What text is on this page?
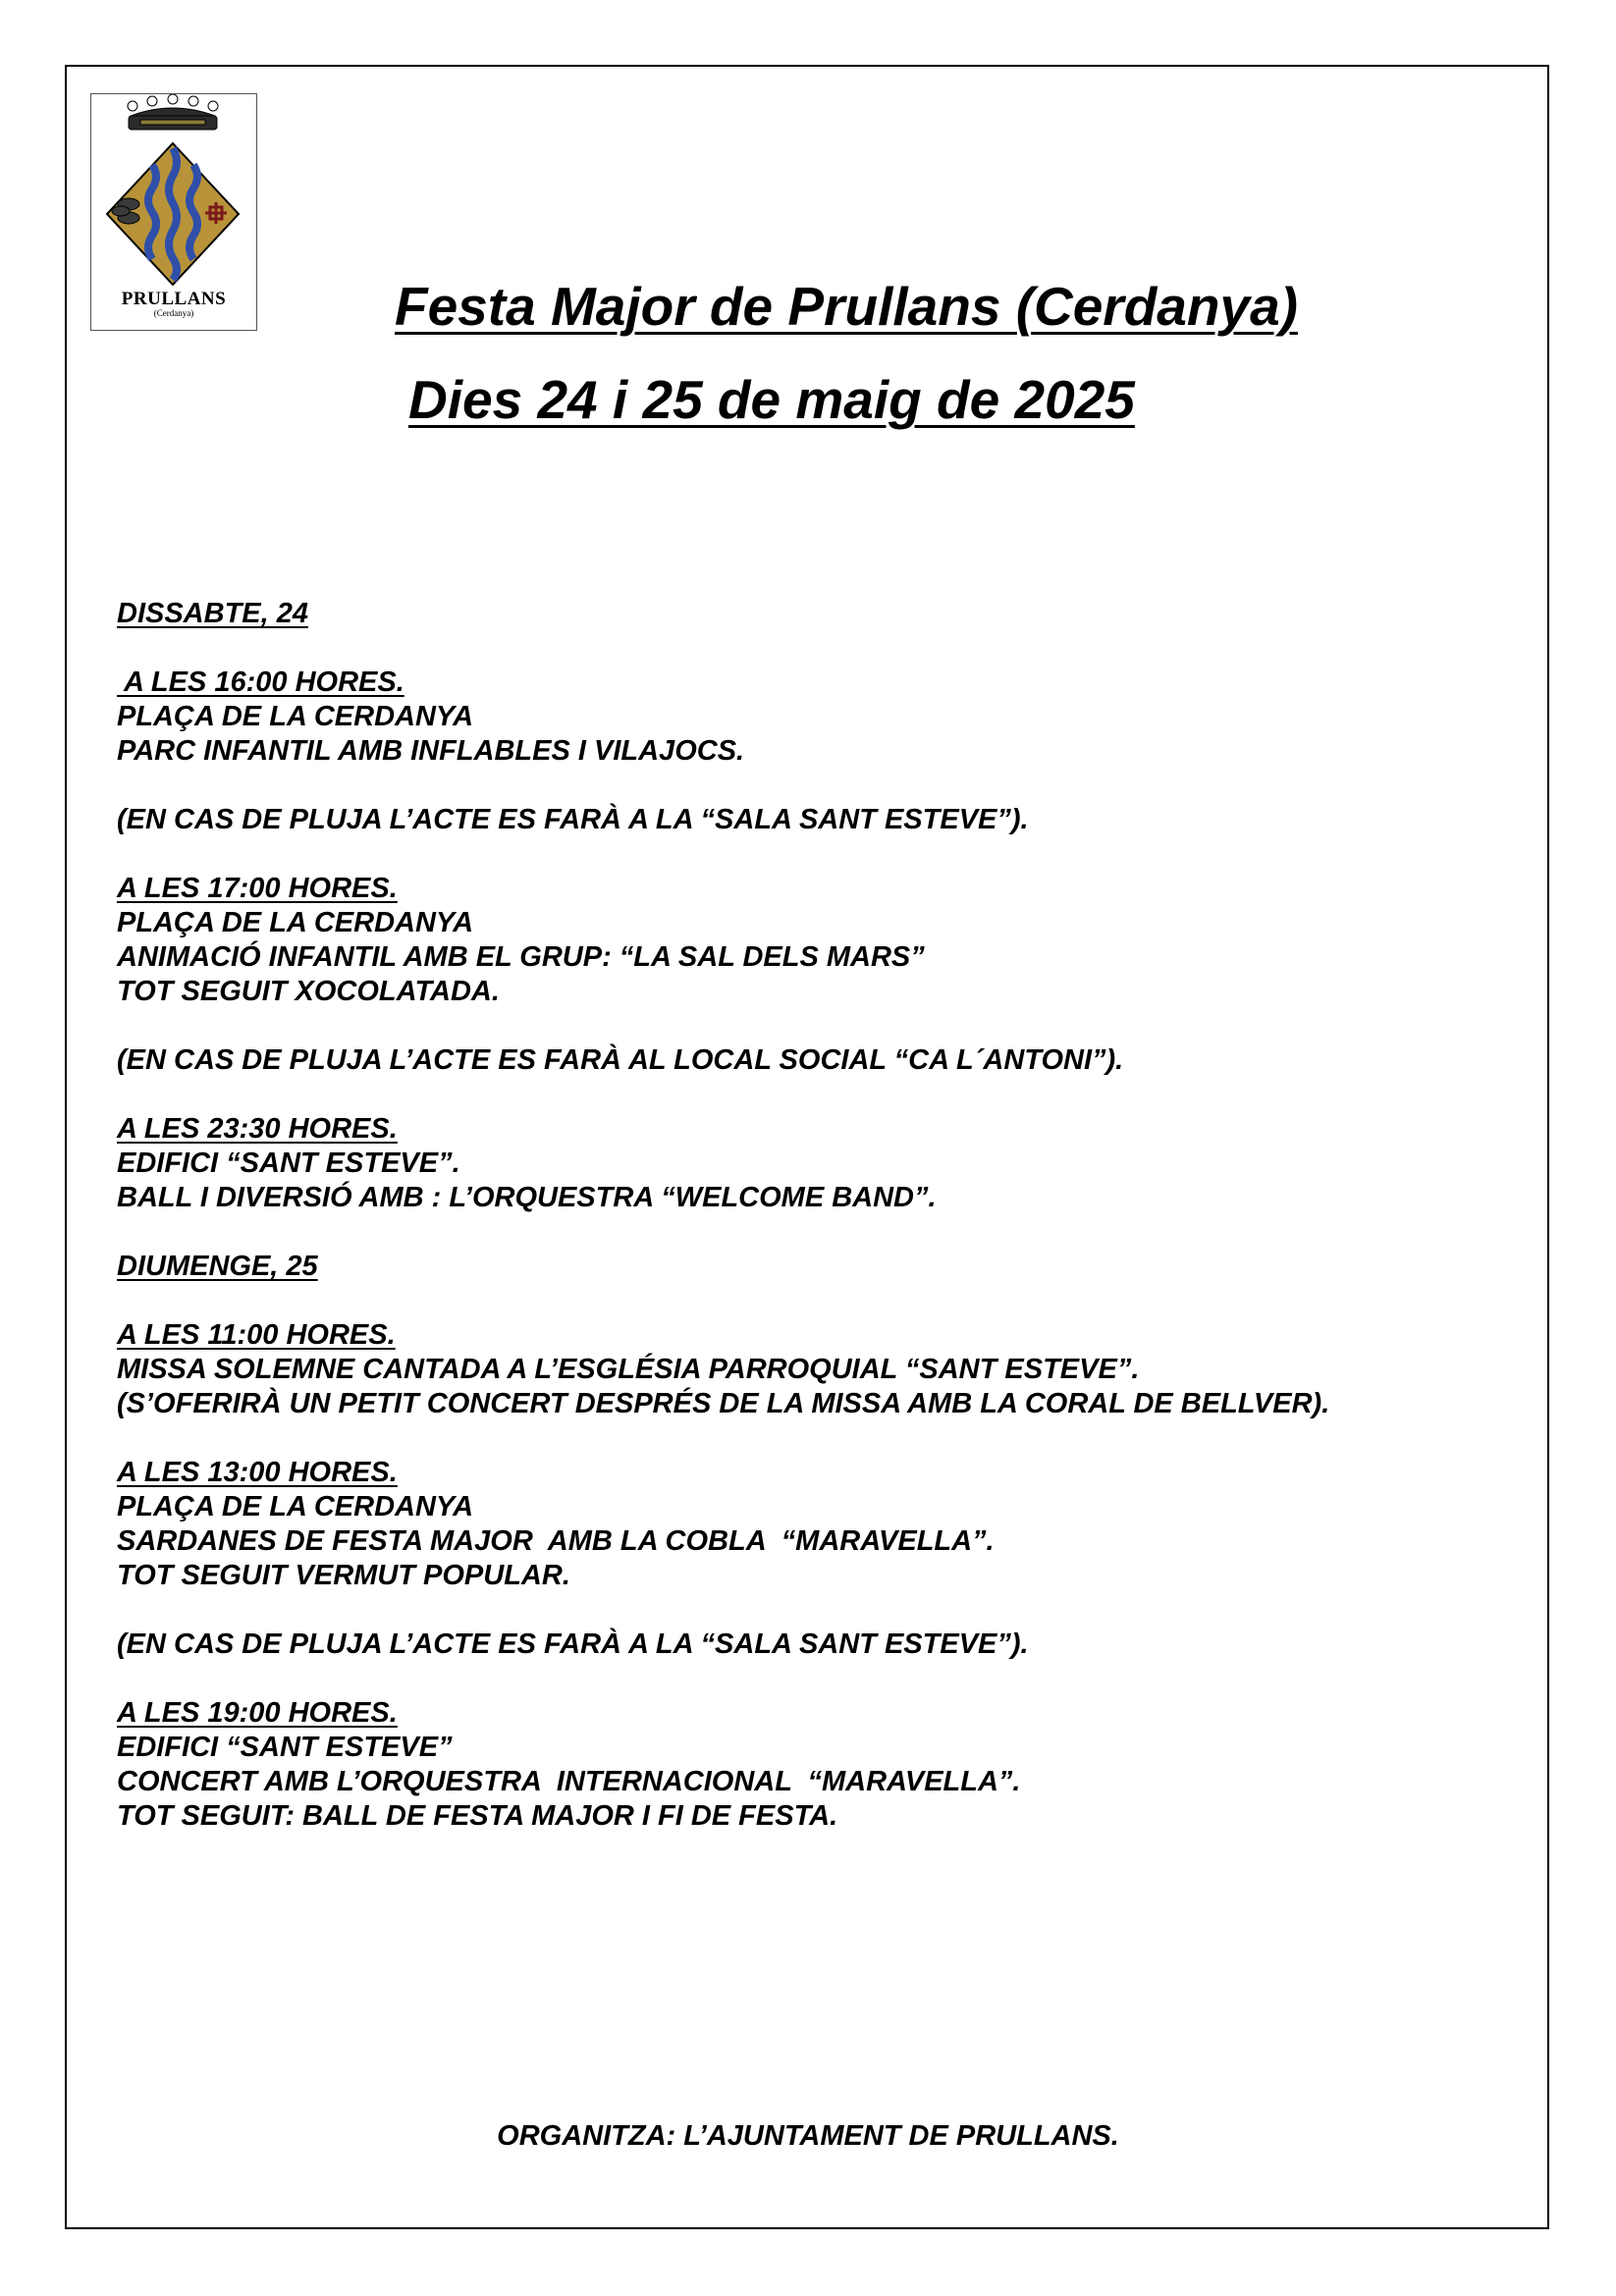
PRULLANS
(Cerdanya)	Festa Major de Prullans (Cerdanya)
Dies 24 i 25 de maig de 2025
DISSABTE, 24
A LES 16:00 HORES.
PLAÇA DE LA CERDANYA
PARC INFANTIL AMB INFLABLES I VILAJOCS.
(EN CAS DE PLUJA L’ACTE ES FARÀ A LA “SALA SANT ESTEVE”).
A LES 17:00 HORES.
PLAÇA DE LA CERDANYA
ANIMACIÓ INFANTIL AMB EL GRUP: “LA SAL DELS MARS”
TOT SEGUIT XOCOLATADA.
(EN CAS DE PLUJA L’ACTE ES FARÀ AL LOCAL SOCIAL “CA L´ANTONI”).
A LES 23:30 HORES.
EDIFICI “SANT ESTEVE”.
BALL I DIVERSIÓ AMB : L’ORQUESTRA “WELCOME BAND”.
DIUMENGE, 25
A LES 11:00 HORES.
MISSA SOLEMNE CANTADA A L’ESGLÉSIA PARROQUIAL “SANT ESTEVE”.
(S’OFERIRÀ UN PETIT CONCERT DESPRÉS DE LA MISSA AMB LA CORAL DE BELLVER).
A LES 13:00 HORES.
PLAÇA DE LA CERDANYA
SARDANES DE FESTA MAJOR  AMB LA COBLA  “MARAVELLA”.
TOT SEGUIT VERMUT POPULAR.
(EN CAS DE PLUJA L’ACTE ES FARÀ A LA “SALA SANT ESTEVE”).
A LES 19:00 HORES.
EDIFICI “SANT ESTEVE”
CONCERT AMB L’ORQUESTRA  INTERNACIONAL  “MARAVELLA”.
TOT SEGUIT: BALL DE FESTA MAJOR I FI DE FESTA.
ORGANITZA: L’AJUNTAMENT DE PRULLANS.
